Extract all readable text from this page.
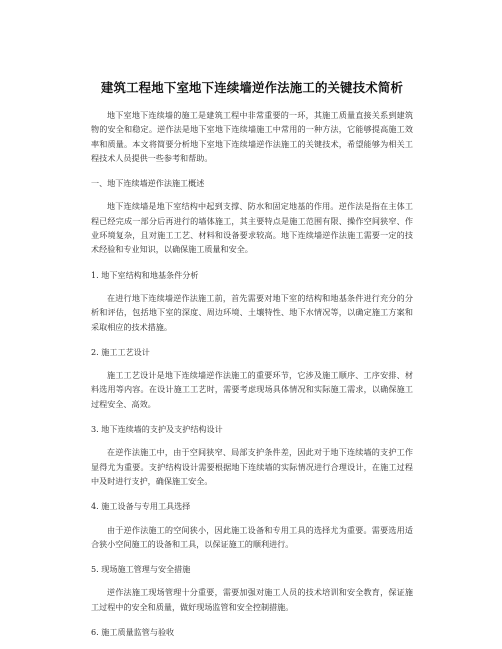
建筑工程地下室地下连续墙逆作法施工的关键技术简析

地下室地下连续墙的施工是建筑工程中非常重要的一环，其施工质量直接关系到建筑物的安全和稳定。逆作法是地下室地下连续墙施工中常用的一种方法，它能够提高施工效率和质量。本文将简要分析地下室地下连续墙逆作法施工的关键技术，希望能够为相关工程技术人员提供一些参考和帮助。

一、地下连续墙逆作法施工概述

地下连续墙是地下室结构中起到支撑、防水和固定地基的作用。逆作法是指在主体工程已经完成一部分后再进行的墙体施工，其主要特点是施工范围有限、操作空间狭窄、作业环境复杂，且对施工工艺、材料和设备要求较高。地下连续墙逆作法施工需要一定的技术经验和专业知识，以确保施工质量和安全。

1. 地下室结构和地基条件分析

在进行地下连续墙逆作法施工前，首先需要对地下室的结构和地基条件进行充分的分析和评估，包括地下室的深度、周边环境、土壤特性、地下水情况等，以确定施工方案和采取相应的技术措施。

2. 施工工艺设计

施工工艺设计是地下连续墙逆作法施工的重要环节，它涉及施工顺序、工序安排、材料选用等内容。在设计施工工艺时，需要考虑现场具体情况和实际施工需求，以确保施工过程安全、高效。

3. 地下连续墙的支护及支护结构设计

在逆作法施工中，由于空间狭窄、局部支护条件差，因此对于地下连续墙的支护工作显得尤为重要。支护结构设计需要根据地下连续墙的实际情况进行合理设计，在施工过程中及时进行支护，确保施工安全。

4. 施工设备与专用工具选择

由于逆作法施工的空间狭小，因此施工设备和专用工具的选择尤为重要。需要选用适合狭小空间施工的设备和工具，以保证施工的顺利进行。

5. 现场施工管理与安全措施

逆作法施工现场管理十分重要，需要加强对施工人员的技术培训和安全教育，保证施工过程中的安全和质量，做好现场监管和安全控制措施。

6. 施工质量监管与验收
